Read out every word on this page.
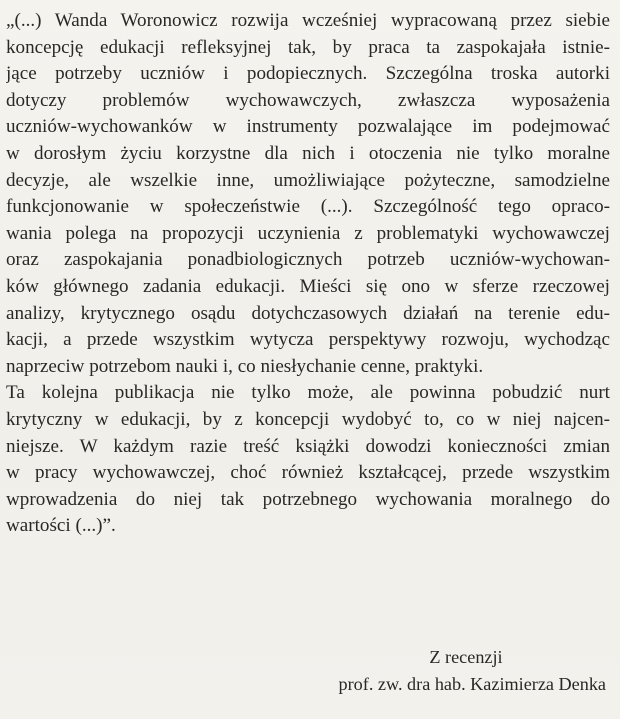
„(...) Wanda Woronowicz rozwija wcześniej wypracowaną przez siebie
koncepcję edukacji refleksyjnej tak, by praca ta zaspokajała istnie-
jące potrzeby uczniów i podopiecznych. Szczególna troska autorki
dotyczy problemów wychowawczych, zwłaszcza wyposażenia
uczniów-wychowanków w instrumenty pozwalające im podejmować
w dorosłym życiu korzystne dla nich i otoczenia nie tylko moralne
decyzje, ale wszelkie inne, umożliwiające pożyteczne, samodzielne
funkcjonowanie w społeczeństwie (...). Szczególność tego opraco-
wania polega na propozycji uczynienia z problematyki wychowawczej
oraz zaspokajania ponadbiologicznych potrzeb uczniów-wychowan-
ków głównego zadania edukacji. Mieści się ono w sferze rzeczowej
analizy, krytycznego osądu dotychczasowych działań na terenie edu-
kacji, a przede wszystkim wytycza perspektywy rozwoju, wychodząc
naprzeciw potrzebom nauki i, co niesłychanie cenne, praktyki.
Ta kolejna publikacja nie tylko może, ale powinna pobudzić nurt
krytyczny w edukacji, by z koncepcji wydobyć to, co w niej najcen-
niejsze. W każdym razie treść książki dowodzi konieczności zmian
w pracy wychowawczej, choć również kształcącej, przede wszystkim
wprowadzenia do niej tak potrzebnego wychowania moralnego do
wartości (...)”.
Z recenzji
prof. zw. dra hab. Kazimierza Denka
